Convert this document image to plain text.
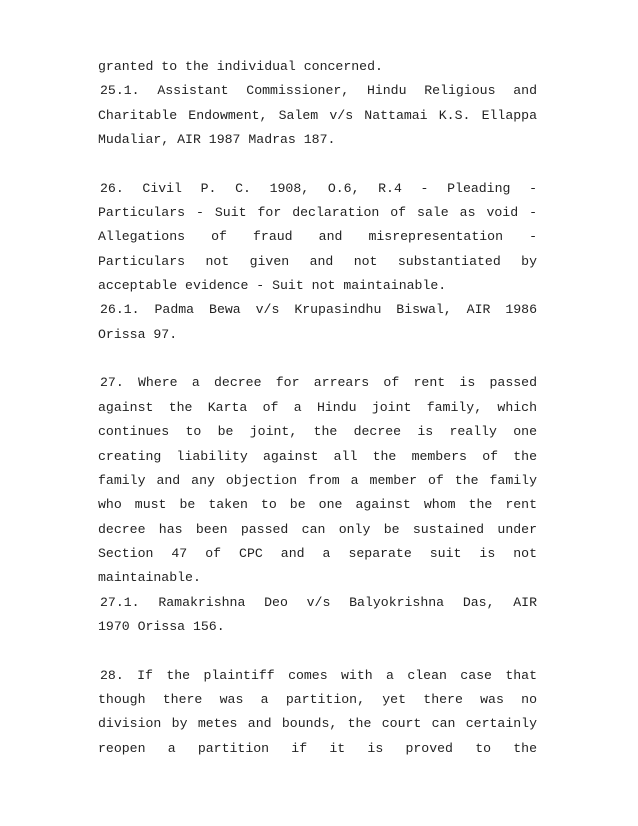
granted to the individual concerned.
25.1. Assistant Commissioner, Hindu Religious and
Charitable Endowment, Salem v/s Nattamai K.S. Ellappa
Mudaliar, AIR 1987 Madras 187.
26. Civil P. C. 1908, O.6, R.4 - Pleading -
Particulars - Suit for declaration of sale as void -
Allegations of fraud and misrepresentation -
Particulars not given and not substantiated by
acceptable evidence - Suit not maintainable.
26.1. Padma Bewa v/s Krupasindhu Biswal, AIR 1986
Orissa 97.
27. Where a decree for arrears of rent is passed
against the Karta of a Hindu joint family, which
continues to be joint, the decree is really one
creating liability against all the members of the
family and any objection from a member of the family
who must be taken to be one against whom the rent
decree has been passed can only be sustained under
Section 47 of CPC and a separate suit is not
maintainable.
27.1. Ramakrishna Deo v/s Balyokrishna Das, AIR
1970 Orissa 156.
28. If the plaintiff comes with a clean case that
though there was a partition, yet there was no
division by metes and bounds, the court can certainly
reopen a partition if it is proved to the
